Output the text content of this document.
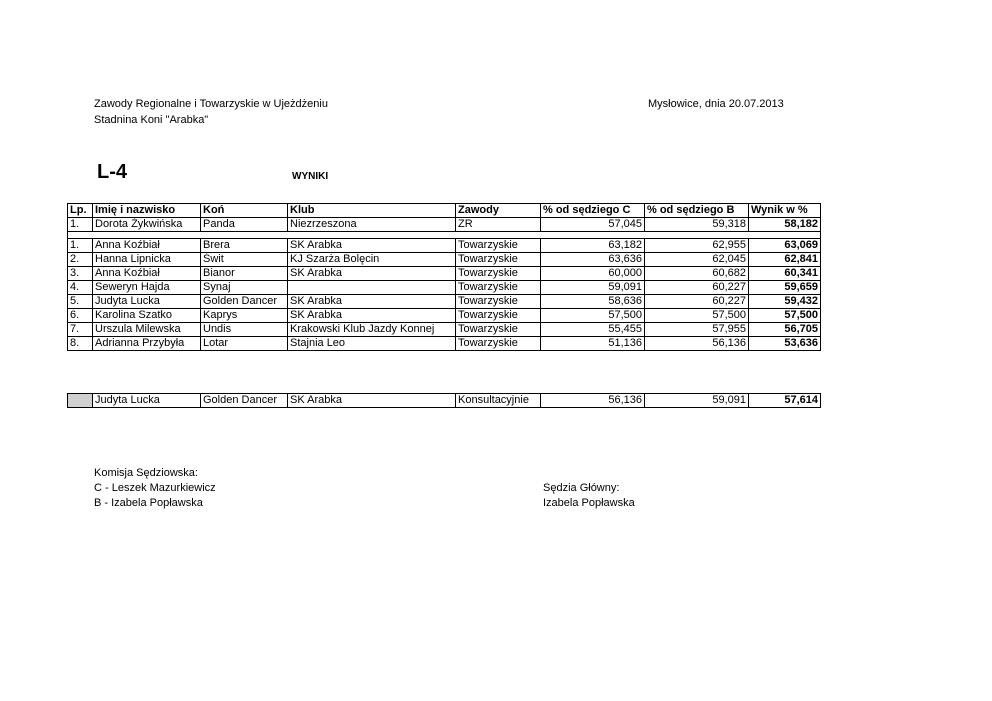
Zawody Regionalne i Towarzyskie w Ujeżdżeniu
Stadnina Koni "Arabka"
Mysłowice, dnia 20.07.2013
L-4	WYNIKI
Lp.	Imię i nazwisko	Koń	Klub	Zawody	% od sędziego C	% od sędziego B	Wynik w %
1.	Dorota Żykwińska	Panda	Niezrzeszona	ZR	57,045	59,318	58,182

1.	Anna Koźbiał	Brera	SK Arabka	Towarzyskie	63,182	62,955	63,069
2.	Hanna Lipnicka	Świt	KJ Szarża Bolęcin	Towarzyskie	63,636	62,045	62,841
3.	Anna Koźbiał	Bianor	SK Arabka	Towarzyskie	60,000	60,682	60,341
4.	Seweryn Hajda	Synaj		Towarzyskie	59,091	60,227	59,659
5.	Judyta Lucka	Golden Dancer	SK Arabka	Towarzyskie	58,636	60,227	59,432
6.	Karolina Szatko	Kaprys	SK Arabka	Towarzyskie	57,500	57,500	57,500
7.	Urszula Milewska	Undis	Krakowski Klub Jazdy Konnej	Towarzyskie	55,455	57,955	56,705
8.	Adrianna Przybyła	Lotar	Stajnia Leo	Towarzyskie	51,136	56,136	53,636
	Judyta Lucka	Golden Dancer	SK Arabka	Konsultacyjnie	56,136	59,091	57,614
Komisja Sędziowska:
C - Leszek Mazurkiewicz
B - Izabela Popławska
Sędzia Główny:
Izabela Popławska
